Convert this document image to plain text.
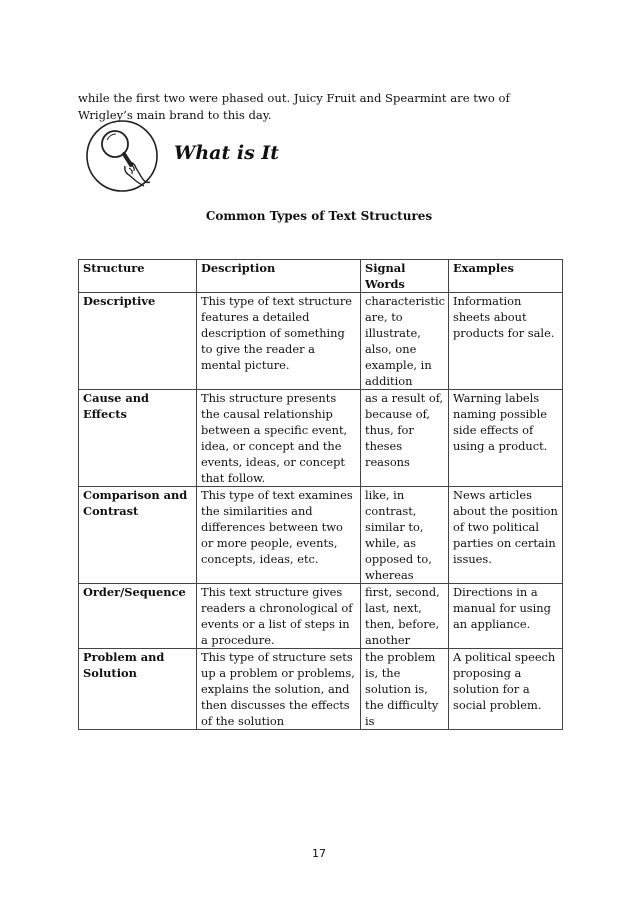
while the first two were phased out. Juicy Fruit and Spearmint are two of Wrigley’s main brand to this day.

What is It
Common Types of Text Structures
Structure	Description	Signal Words	Examples
Descriptive	This type of text structure features a detailed description of something to give the reader a mental picture.	characteristic are, to illustrate, also, one example, in addition	Information sheets about products for sale.
Cause and Effects	This structure presents the causal relationship between a specific event, idea, or concept and the events, ideas, or concept that follow.	as a result of, because of, thus, for theses reasons	Warning labels naming possible side effects of using a product.
Comparison and Contrast	This type of text examines the similarities and differences between two or more people, events, concepts, ideas, etc.	like, in contrast, similar to, while, as opposed to, whereas	News articles about the position of two political parties on certain issues.
Order/Sequence	This text structure gives readers a chronological of events or a list of steps in a procedure.	first, second, last, next, then, before, another	Directions in a manual for using an appliance.
Problem and Solution	This type of structure sets up a problem or problems, explains the solution, and then discusses the effects of the solution	the problem is, the solution is, the difficulty is	A political speech proposing a solution for a social problem.
17
